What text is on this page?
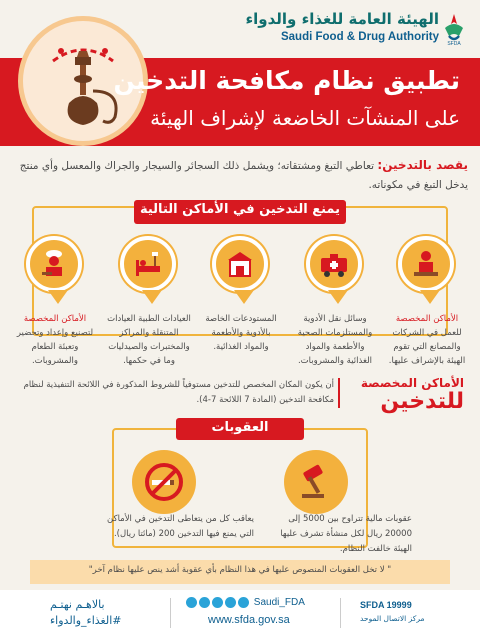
الهيئة العامة للغذاء والدواء
Saudi Food & Drug Authority
SFDA
تطبيق نظام مكافحة التدخين
على المنشآت الخاضعة لإشراف الهيئة
يقصد بالتدخين: تعاطي التبغ ومشتقاته؛ ويشمل ذلك السجائر والسيجار والجراك والمعسل وأي منتج يدخل التبغ في مكوناته.
يمنع التدخين في الأماكن التالية
الأماكن المخصصة
للعمل في الشركات والمصانع التي تقوم الهيئة بالإشراف عليها.
وسائل نقل الأدوية والمستلزمات الصحية والأطعمة والمواد الغذائية والمشروبات.
المستودعات الخاصة بالأدوية والأطعمة والمواد الغذائية.
العيادات الطبية العيادات المتنقلة والمراكز والمختبرات والصيدليات وما في حكمها.
الأماكن المخصصة
لتصنيع وإعداد وتحضير وتعبئة الطعام والمشروبات.
الأماكن المخصصة
للتدخين
أن يكون المكان المخصص للتدخين مستوفياً للشروط المذكورة في اللائحة التنفيذية لنظام مكافحة التدخين (المادة 7 اللائحة 7-4).
العقوبات
يعاقب كل من يتعاطى التدخين في الأماكن التي يمنع فيها التدخين 200 (مائتا ريال).
عقوبات مالية تتراوح بين 5000 إلى 20000 ريال لكل منشأة تشرف عليها الهيئة خالفت النظام.
" لا تخل العقوبات المنصوص عليها في هذا النظام بأي عقوبة أشد ينص عليها نظام آخر"
بالاهـم نهتـم
#الغذاء_والدواء
Saudi_FDA
www.sfda.gov.sa
SFDA 19999
مركز الاتصال الموحد
